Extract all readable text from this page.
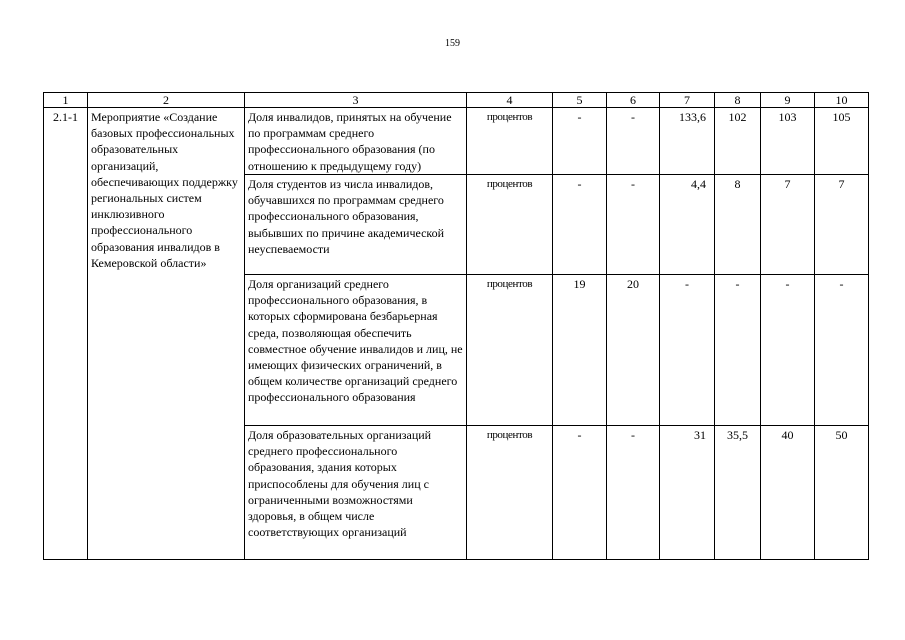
159
1	2	3	4	5	6	7	8	9	10
2.1-1	Мероприятие «Создание базовых профессиональных образовательных организаций, обеспечивающих поддержку региональных систем инклюзивного профессионального образования инвалидов в Кемеровской области»	Доля инвалидов, принятых на обучение по программам среднего профессионального образования (по отношению к предыдущему году)	процентов	-	-	133,6	102	103	105
		Доля студентов из числа инвалидов, обучавшихся по программам среднего профессионального образования, выбывших по причине академической неуспеваемости	процентов	-	-	4,4	8	7	7
		Доля организаций среднего профессионального образования, в которых сформирована безбарьерная среда, позволяющая обеспечить совместное обучение инвалидов и лиц, не имеющих физических ограничений, в общем количестве организаций среднего профессионального образования	процентов	19	20	-	-	-	-
		Доля образовательных организаций среднего профессионального образования, здания которых приспособлены для обучения лиц с ограниченными возможностями здоровья, в общем числе соответствующих организаций	процентов	-	-	31	35,5	40	50
